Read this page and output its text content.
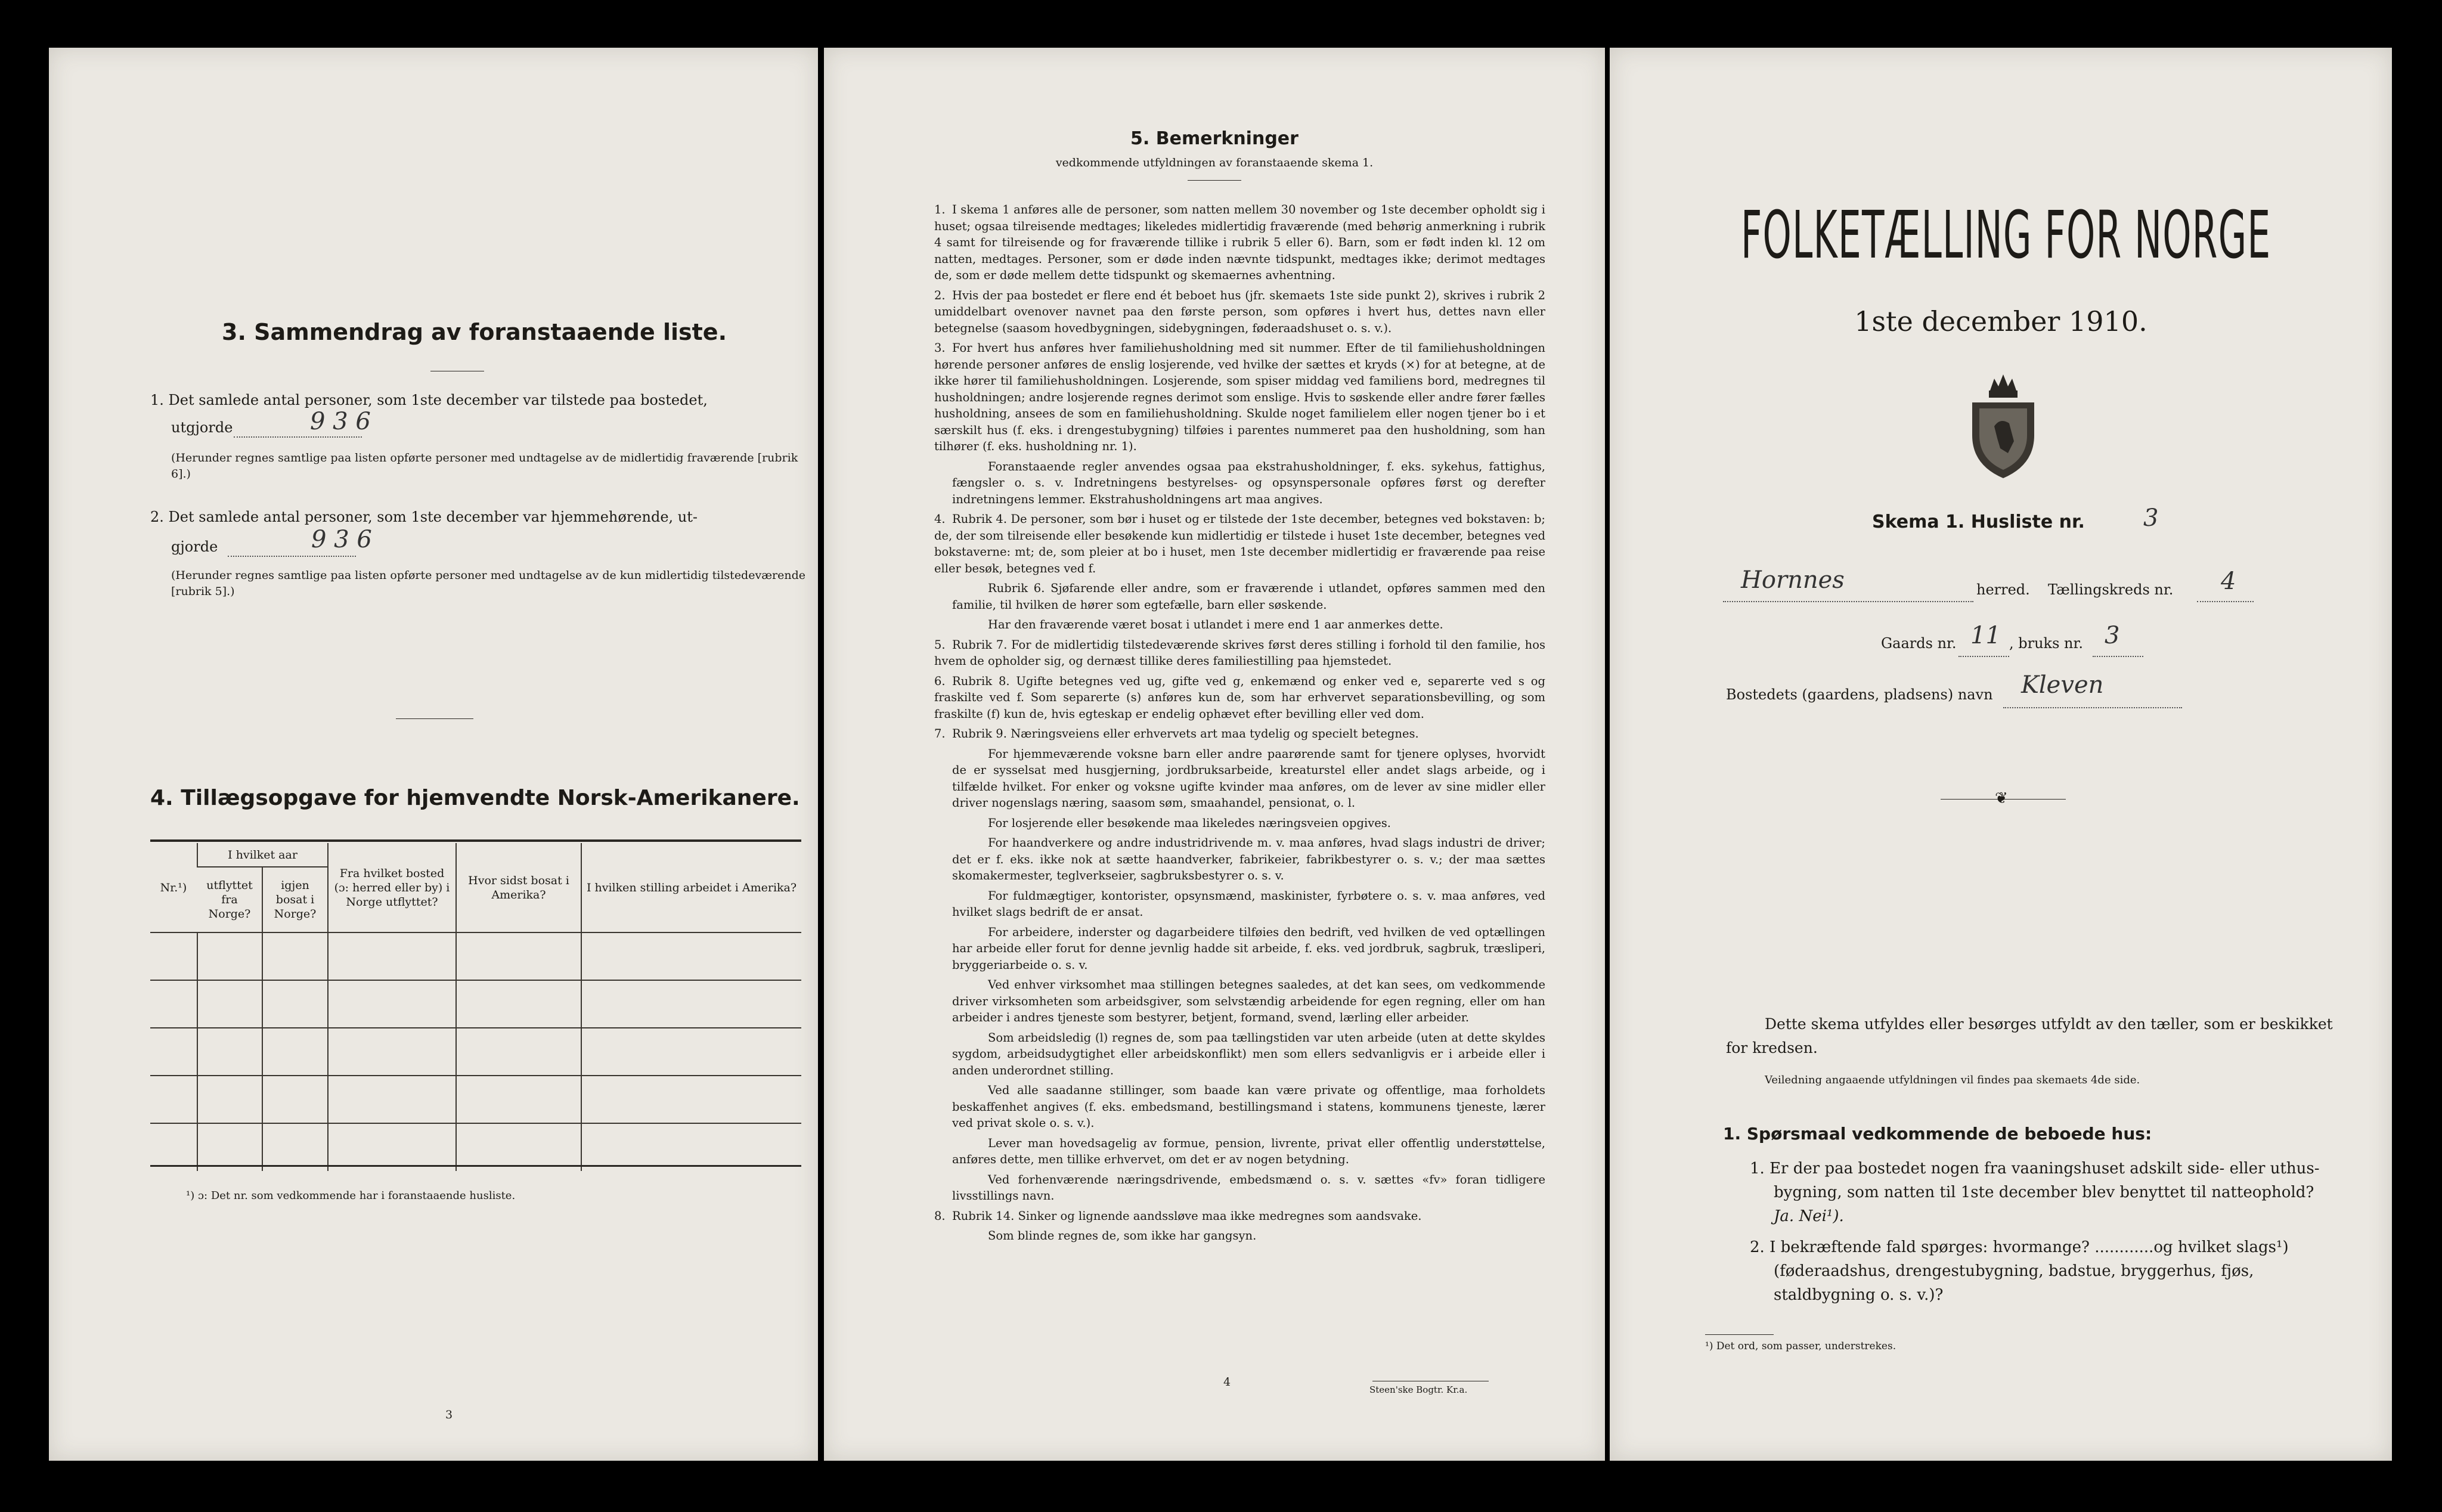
3. Sammendrag av foranstaaende liste.
1. Det samlede antal personer, som 1ste december var tilstede paa bostedet,
utgjorde	9 3 6
(Herunder regnes samtlige paa listen opførte personer med undtagelse av de midlertidig fraværende [rubrik 6].)
2. Det samlede antal personer, som 1ste december var hjemmehørende, ut-
gjorde	9 3 6
(Herunder regnes samtlige paa listen opførte personer med undtagelse av de kun midlertidig tilstedeværende [rubrik 5].)
4. Tillægsopgave for hjemvendte Norsk-Amerikanere.
Nr.¹)	I hvilket aar		Fra hvilket bosted (ɔ: herred eller by) i Norge utflyttet?	Hvor sidst bosat i Amerika?	I hvilken stilling arbeidet i Amerika?
	utflyttet fra Norge?	igjen bosat i Norge?			

¹) ɔ: Det nr. som vedkommende har i foranstaaende husliste.
3
5. Bemerkninger
vedkommende utfyldningen av foranstaaende skema 1.

1. I skema 1 anføres alle de personer, som natten mellem 30 november og 1ste december opholdt sig i huset; ogsaa tilreisende medtages; likeledes midlertidig fraværende (med behørig anmerkning i rubrik 4 samt for tilreisende og for fraværende tillike i rubrik 5 eller 6). Barn, som er født inden kl. 12 om natten, medtages. Personer, som er døde inden nævnte tidspunkt, medtages ikke; derimot medtages de, som er døde mellem dette tidspunkt og skemaernes avhentning.

2. Hvis der paa bostedet er flere end ét beboet hus (jfr. skemaets 1ste side punkt 2), skrives i rubrik 2 umiddelbart ovenover navnet paa den første person, som opføres i hvert hus, dettes navn eller betegnelse (saasom hovedbygningen, sidebygningen, føderaadshuset o. s. v.).

3. For hvert hus anføres hver familiehusholdning med sit nummer. Efter de til familiehusholdningen hørende personer anføres de enslig losjerende, ved hvilke der sættes et kryds (×) for at betegne, at de ikke hører til familiehusholdningen. Losjerende, som spiser middag ved familiens bord, medregnes til husholdningen; andre losjerende regnes derimot som enslige. Hvis to søskende eller andre fører fælles husholdning, ansees de som en familiehusholdning. Skulde noget familielem eller nogen tjener bo i et særskilt hus (f. eks. i drengestubygning) tilføies i parentes nummeret paa den husholdning, som han tilhører (f. eks. husholdning nr. 1).

Foranstaaende regler anvendes ogsaa paa ekstrahusholdninger, f. eks. sykehus, fattighus, fængsler o. s. v. Indretningens bestyrelses- og opsynspersonale opføres først og derefter indretningens lemmer. Ekstrahusholdningens art maa angives.

4. Rubrik 4. De personer, som bør i huset og er tilstede der 1ste december, betegnes ved bokstaven: b; de, der som tilreisende eller besøkende kun midlertidig er tilstede i huset 1ste december, betegnes ved bokstaverne: mt; de, som pleier at bo i huset, men 1ste december midlertidig er fraværende paa reise eller besøk, betegnes ved f.

Rubrik 6. Sjøfarende eller andre, som er fraværende i utlandet, opføres sammen med den familie, til hvilken de hører som egtefælle, barn eller søskende.

Har den fraværende været bosat i utlandet i mere end 1 aar anmerkes dette.

5. Rubrik 7. For de midlertidig tilstedeværende skrives først deres stilling i forhold til den familie, hos hvem de opholder sig, og dernæst tillike deres familiestilling paa hjemstedet.

6. Rubrik 8. Ugifte betegnes ved ug, gifte ved g, enkemænd og enker ved e, separerte ved s og fraskilte ved f. Som separerte (s) anføres kun de, som har erhvervet separationsbevilling, og som fraskilte (f) kun de, hvis egteskap er endelig ophævet efter bevilling eller ved dom.

7. Rubrik 9. Næringsveiens eller erhvervets art maa tydelig og specielt betegnes.

For hjemmeværende voksne barn eller andre paarørende samt for tjenere oplyses, hvorvidt de er sysselsat med husgjerning, jordbruksarbeide, kreaturstel eller andet slags arbeide, og i tilfælde hvilket. For enker og voksne ugifte kvinder maa anføres, om de lever av sine midler eller driver nogenslags næring, saasom søm, smaahandel, pensionat, o. l.

For losjerende eller besøkende maa likeledes næringsveien opgives.

For haandverkere og andre industridrivende m. v. maa anføres, hvad slags industri de driver; det er f. eks. ikke nok at sætte haandverker, fabrikeier, fabrikbestyrer o. s. v.; der maa sættes skomakermester, teglverkseier, sagbruksbestyrer o. s. v.

For fuldmægtiger, kontorister, opsynsmænd, maskinister, fyrbøtere o. s. v. maa anføres, ved hvilket slags bedrift de er ansat.

For arbeidere, inderster og dagarbeidere tilføies den bedrift, ved hvilken de ved optællingen har arbeide eller forut for denne jevnlig hadde sit arbeide, f. eks. ved jordbruk, sagbruk, træsliperi, bryggeriarbeide o. s. v.

Ved enhver virksomhet maa stillingen betegnes saaledes, at det kan sees, om vedkommende driver virksomheten som arbeidsgiver, som selvstændig arbeidende for egen regning, eller om han arbeider i andres tjeneste som bestyrer, betjent, formand, svend, lærling eller arbeider.

Som arbeidsledig (l) regnes de, som paa tællingstiden var uten arbeide (uten at dette skyldes sygdom, arbeidsudygtighet eller arbeidskonflikt) men som ellers sedvanligvis er i arbeide eller i anden underordnet stilling.

Ved alle saadanne stillinger, som baade kan være private og offentlige, maa forholdets beskaffenhet angives (f. eks. embedsmand, bestillingsmand i statens, kommunens tjeneste, lærer ved privat skole o. s. v.).

Lever man hovedsagelig av formue, pension, livrente, privat eller offentlig understøttelse, anføres dette, men tillike erhvervet, om det er av nogen betydning.

Ved forhenværende næringsdrivende, embedsmænd o. s. v. sættes «fv» foran tidligere livsstillings navn.

8. Rubrik 14. Sinker og lignende aandssløve maa ikke medregnes som aandsvake.

Som blinde regnes de, som ikke har gangsyn.

4
Steen'ske Bogtr. Kr.a.
FOLKETÆLLING FOR NORGE
1ste december 1910.
Skema 1. Husliste nr. 3
Hornnes	herred. Tællingskreds nr. 4
Gaards nr. 11 , bruks nr. 3
Bostedets (gaardens, pladsens) navn Kleven
❦
Dette skema utfyldes eller besørges utfyldt av den tæller, som er beskikket for kredsen.
Veiledning angaaende utfyldningen vil findes paa skemaets 4de side.
1. Spørsmaal vedkommende de beboede hus:
1. Er der paa bostedet nogen fra vaaningshuset adskilt side- eller uthus-bygning, som natten til 1ste december blev benyttet til natteophold? Ja. Nei¹).
2. I bekræftende fald spørges: hvormange? ............og hvilket slags¹) (føderaadshus, drengestubygning, badstue, bryggerhus, fjøs, staldbygning o. s. v.)?
¹) Det ord, som passer, understrekes.
